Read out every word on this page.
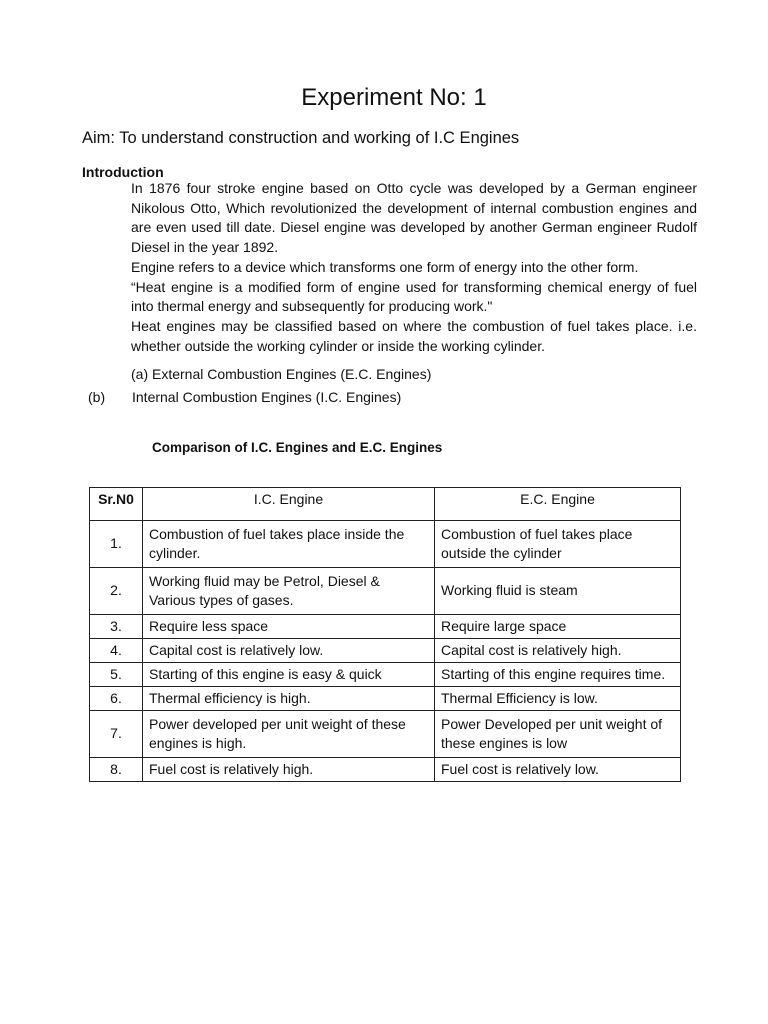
Experiment No: 1
Aim: To understand construction and working of I.C Engines
Introduction

In 1876 four stroke engine based on Otto cycle was developed by a German engineer Nikolous Otto, Which revolutionized the development of internal combustion engines and are even used till date. Diesel engine was developed by another German engineer Rudolf Diesel in the year 1892.

Engine refers to a device which transforms one form of energy into the other form.

“Heat engine is a modified form of engine used for transforming chemical energy of fuel into thermal energy and subsequently for producing work."

Heat engines may be classified based on where the combustion of fuel takes place. i.e. whether outside the working cylinder or inside the working cylinder.

(a) External Combustion Engines (E.C. Engines)
(b) Internal Combustion Engines (I.C. Engines)
Comparison of I.C. Engines and E.C. Engines
Sr.N0	I.C. Engine	E.C. Engine
1.	Combustion of fuel takes place inside the cylinder.	Combustion of fuel takes place outside the cylinder
2.	Working fluid may be Petrol, Diesel & Various types of gases.	Working fluid is steam
3.	Require less space	Require large space
4.	Capital cost is relatively low.	Capital cost is relatively high.

5.	Starting of this engine is easy & quick	Starting of this engine requires time.

6.	Thermal efficiency is high.	Thermal Efficiency is low.
7.	Power developed per unit weight of these engines is high.	Power Developed per unit weight of these engines is low
8.	Fuel cost is relatively high.	Fuel cost is relatively low.
